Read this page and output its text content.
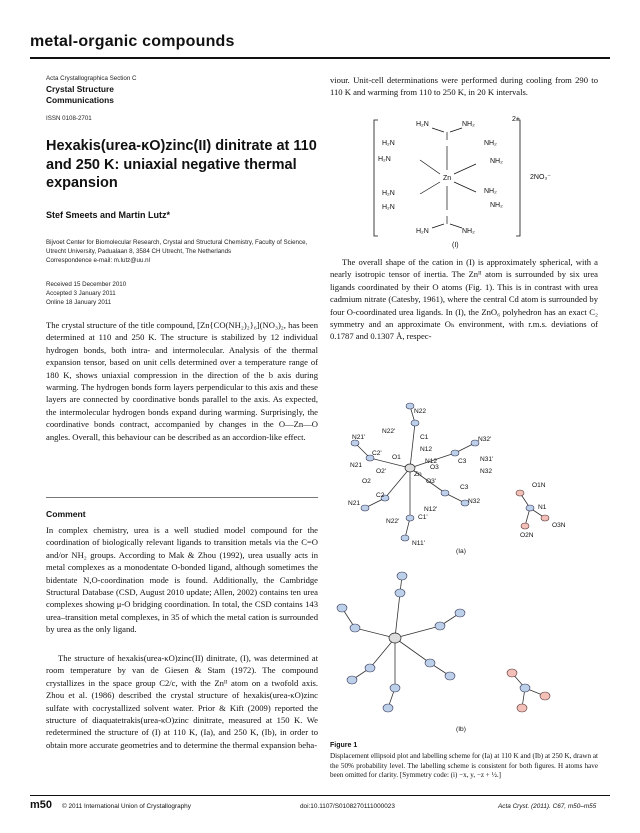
metal-organic compounds
Acta Crystallographica Section C
Crystal Structure
Communications
ISSN 0108-2701
Hexakis(urea-κO)zinc(II) dinitrate at 110 and 250 K: uniaxial negative thermal expansion
Stef Smeets and Martin Lutz*
Bijvoet Center for Biomolecular Research, Crystal and Structural Chemistry, Faculty of Science, Utrecht University, Padualaan 8, 3584 CH Utrecht, The Netherlands
Correspondence e-mail: m.lutz@uu.nl
Received 15 December 2010
Accepted 3 January 2011
Online 18 January 2011
The crystal structure of the title compound, [Zn{CO(NH₂)₂}₆](NO₃)₂, has been determined at 110 and 250 K. The structure is stabilized by 12 individual hydrogen bonds, both intra- and intermolecular. Analysis of the thermal expansion tensor, based on unit cells determined over a temperature range of 180 K, shows uniaxial compression in the direction of the b axis during warming. The hydrogen bonds form layers perpendicular to this axis and these layers are connected by coordinative bonds parallel to the axis. As expected, the intermolecular hydrogen bonds expand during warming. Surprisingly, the coordinative bonds contract, accompanied by changes in the O—Zn—O angles. Overall, this behaviour can be described as an accordion-like effect.
Comment
In complex chemistry, urea is a well studied model compound for the coordination of biologically relevant ligands to transition metals via the C=O and/or NH₂ groups. According to Mak & Zhou (1992), urea usually acts in metal complexes as a monodentate O-bonded ligand, although sometimes the bidentate N,O-coordination mode is found. Additionally, the Cambridge Structural Database (CSD, August 2010 update; Allen, 2002) contains ten urea complexes showing μ-O bridging coordination. In total, the CSD contains 143 urea–transition metal complexes, in 35 of which the metal cation is surrounded by urea as the only ligand.
The structure of hexakis(urea-κO)zinc(II) dinitrate, (I), was determined at room temperature by van de Giesen & Stam (1972). The compound crystallizes in the space group C2/c, with the Znᴵᴵ atom on a twofold axis. Zhou et al. (1986) described the crystal structure of hexakis(urea-κO)zinc sulfate with cocrystallized solvent water. Prior & Kift (2009) reported the structure of diaquatetrakis(urea-κO)zinc dinitrate, measured at 150 K. We redetermined the structure of (I) at 110 K, (Ia), and 250 K, (Ib), in order to obtain more accurate geometries and to determine the thermal expansion beha-
viour. Unit-cell determinations were performed during cooling from 290 to 110 K and warming from 110 to 250 K, in 20 K intervals.
2+
2NO₃⁻
Zn
H₂N	NH₂
H₂N	NH₂
H₂N	NH₂
H₂N	NH₂
NH₂
H₂N
NH₂
H₂N
(I)
The overall shape of the cation in (I) is approximately spherical, with a nearly isotropic tensor of inertia. The Znᴵᴵ atom is surrounded by six urea ligands coordinated by their O atoms (Fig. 1). This is in contrast with urea cadmium nitrate (Catesby, 1961), where the central Cd atom is surrounded by four O-coordinated urea ligands. In (I), the ZnO₆ polyhedron has an exact C₂ symmetry and an approximate Oₕ environment, with r.m.s. deviations of 0.1787 and 0.1307 Å, respec-
N22
N22'
C1
N12
N21'
C2'
O1
N12
N32'
N21
O2'	Zn
O3
C3 N31'
O2	O3'
N32
O1N
C2
C3
N1
N21
C1'
O3N
N22'
N12'
N32
O2N
N11'
(Ia)
(Ib)
Figure 1
Displacement ellipsoid plot and labelling scheme for (Ia) at 110 K and (Ib) at 250 K, drawn at the 50% probability level. The labelling scheme is consistent for both figures. H atoms have been omitted for clarity. [Symmetry code: (i) −x, y, −z + ½.]
m50 © 2011 International Union of Crystallography	doi:10.1107/S0108270111000023	Acta Cryst. (2011). C67, m50–m55
